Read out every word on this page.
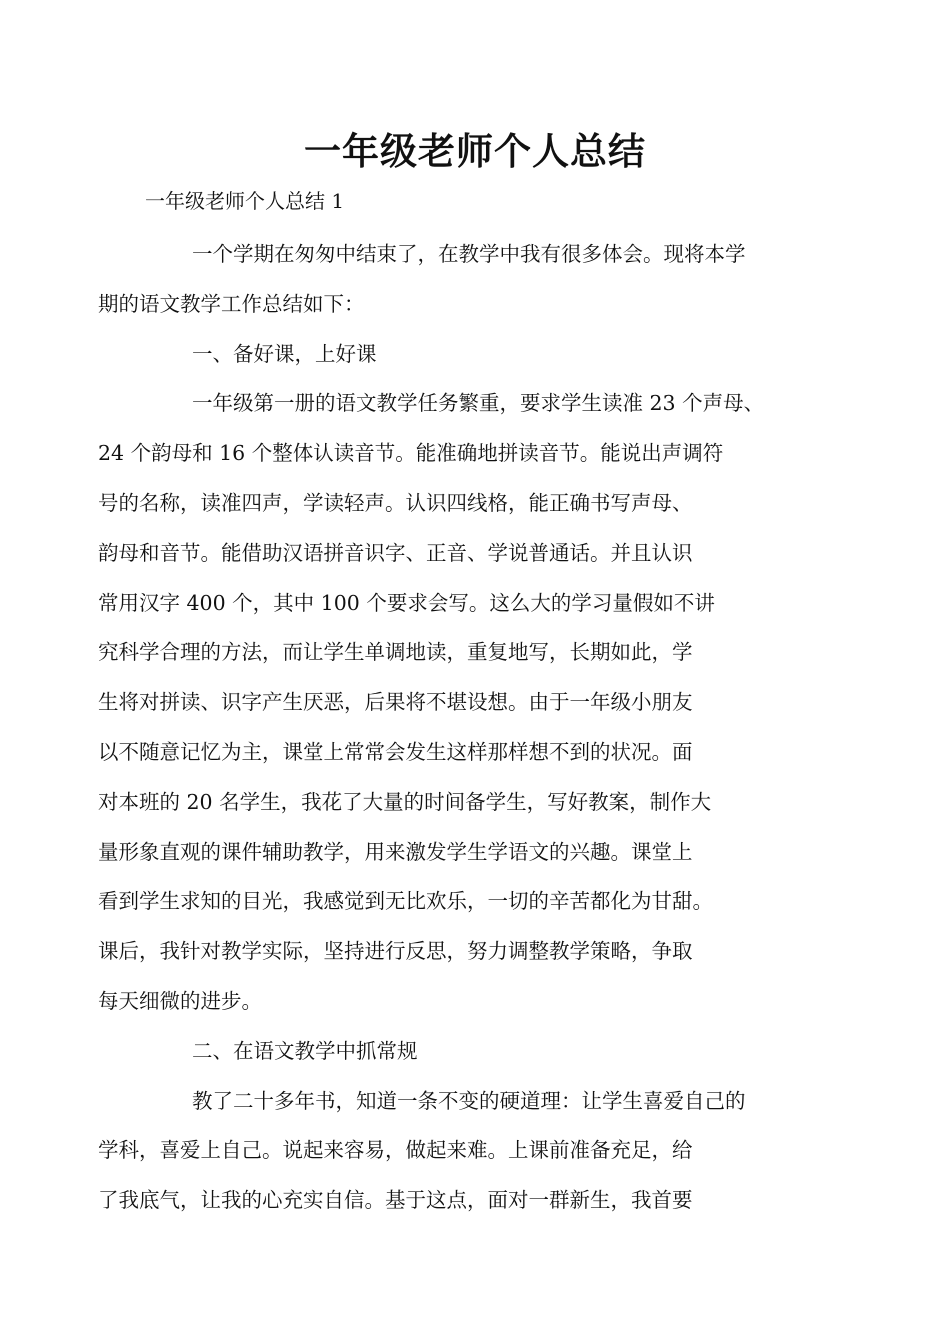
一年级老师个人总结
一年级老师个人总结 1

一个学期在匆匆中结束了，在教学中我有很多体会。现将本学
期的语文教学工作总结如下：

一、备好课，上好课

一年级第一册的语文教学任务繁重，要求学生读准 23 个声母、
24 个韵母和 16 个整体认读音节。能准确地拼读音节。能说出声调符
号的名称，读准四声，学读轻声。认识四线格，能正确书写声母、
韵母和音节。能借助汉语拼音识字、正音、学说普通话。并且认识
常用汉字 400 个，其中 100 个要求会写。这么大的学习量假如不讲
究科学合理的方法，而让学生单调地读，重复地写，长期如此，学
生将对拼读、识字产生厌恶，后果将不堪设想。由于一年级小朋友
以不随意记忆为主，课堂上常常会发生这样那样想不到的状况。面
对本班的 20 名学生，我花了大量的时间备学生，写好教案，制作大
量形象直观的课件辅助教学，用来激发学生学语文的兴趣。课堂上
看到学生求知的目光，我感觉到无比欢乐，一切的辛苦都化为甘甜。
课后，我针对教学实际，坚持进行反思，努力调整教学策略，争取
每天细微的进步。

二、在语文教学中抓常规

教了二十多年书，知道一条不变的硬道理：让学生喜爱自己的
学科，喜爱上自己。说起来容易，做起来难。上课前准备充足，给
了我底气，让我的心充实自信。基于这点，面对一群新生，我首要
